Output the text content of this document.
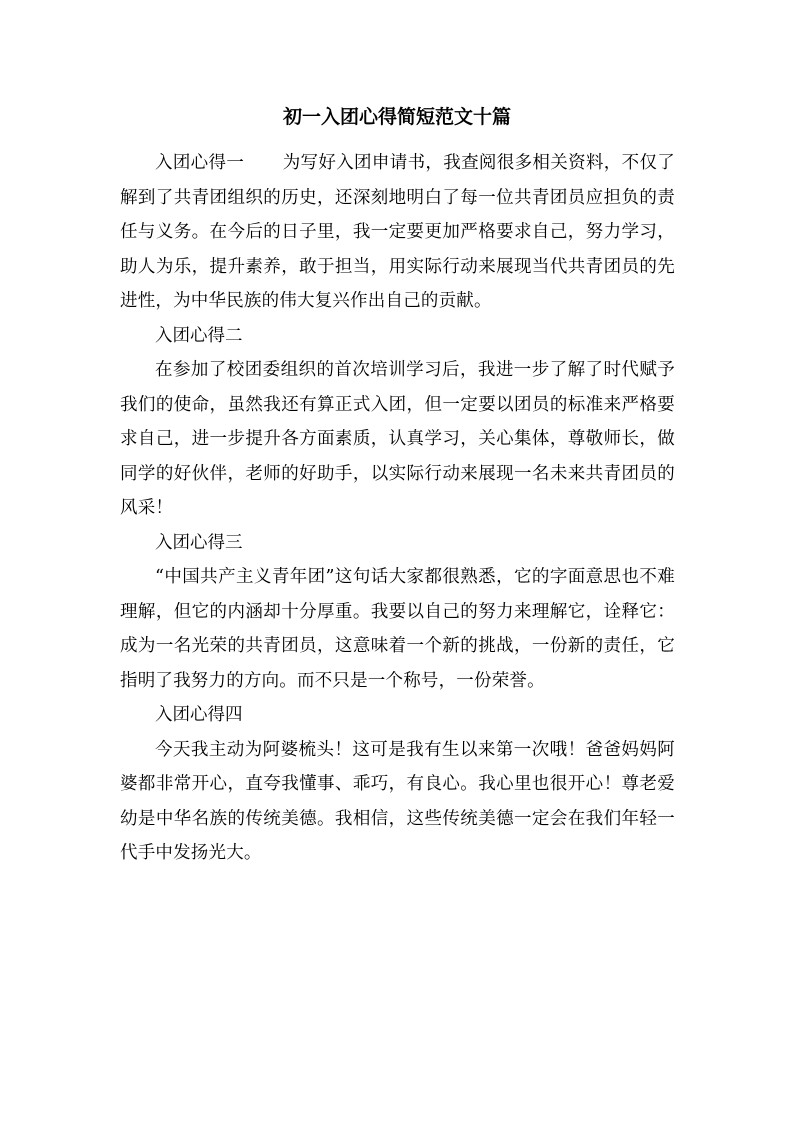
初一入团心得简短范文十篇

入团心得一 为写好入团申请书，我查阅很多相关资料，不仅了解到了共青团组织的历史，还深刻地明白了每一位共青团员应担负的责任与义务。在今后的日子里，我一定要更加严格要求自己，努力学习，助人为乐，提升素养，敢于担当，用实际行动来展现当代共青团员的先进性，为中华民族的伟大复兴作出自己的贡献。

入团心得二

在参加了校团委组织的首次培训学习后，我进一步了解了时代赋予我们的使命，虽然我还有算正式入团，但一定要以团员的标准来严格要求自己，进一步提升各方面素质，认真学习，关心集体，尊敬师长，做同学的好伙伴，老师的好助手，以实际行动来展现一名未来共青团员的风采！

入团心得三

“中国共产主义青年团”这句话大家都很熟悉，它的字面意思也不难理解，但它的内涵却十分厚重。我要以自己的努力来理解它，诠释它：成为一名光荣的共青团员，这意味着一个新的挑战，一份新的责任，它指明了我努力的方向。而不只是一个称号，一份荣誉。

入团心得四

今天我主动为阿婆梳头！这可是我有生以来第一次哦！爸爸妈妈阿婆都非常开心，直夸我懂事、乖巧，有良心。我心里也很开心！尊老爱幼是中华名族的传统美德。我相信，这些传统美德一定会在我们年轻一代手中发扬光大。
